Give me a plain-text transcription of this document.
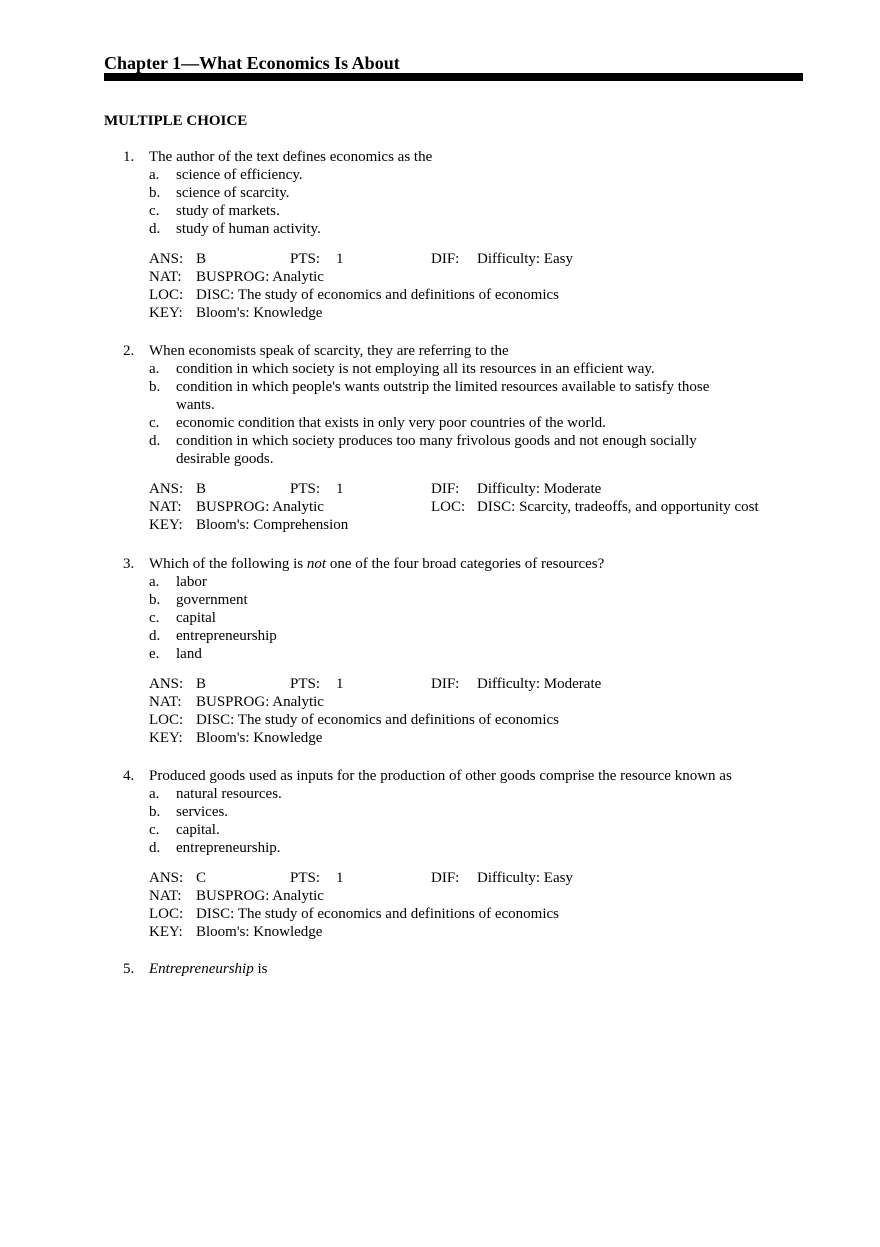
Chapter 1—What Economics Is About
MULTIPLE CHOICE
1. The author of the text defines economics as the
a. science of efficiency.
b. science of scarcity.
c. study of markets.
d. study of human activity.
ANS: B	PTS: 1	DIF: Difficulty: Easy
NAT: BUSPROG: Analytic
LOC: DISC: The study of economics and definitions of economics
KEY: Bloom's: Knowledge
2. When economists speak of scarcity, they are referring to the
a. condition in which society is not employing all its resources in an efficient way.
b. condition in which people's wants outstrip the limited resources available to satisfy those wants.
c. economic condition that exists in only very poor countries of the world.
d. condition in which society produces too many frivolous goods and not enough socially desirable goods.
ANS: B	PTS: 1	DIF: Difficulty: Moderate
NAT: BUSPROG: Analytic	LOC: DISC: Scarcity, tradeoffs, and opportunity cost
KEY: Bloom's: Comprehension
3. Which of the following is not one of the four broad categories of resources?
a. labor
b. government
c. capital
d. entrepreneurship
e. land
ANS: B	PTS: 1	DIF: Difficulty: Moderate
NAT: BUSPROG: Analytic
LOC: DISC: The study of economics and definitions of economics
KEY: Bloom's: Knowledge
4. Produced goods used as inputs for the production of other goods comprise the resource known as
a. natural resources.
b. services.
c. capital.
d. entrepreneurship.
ANS: C	PTS: 1	DIF: Difficulty: Easy
NAT: BUSPROG: Analytic
LOC: DISC: The study of economics and definitions of economics
KEY: Bloom's: Knowledge
5. Entrepreneurship is
